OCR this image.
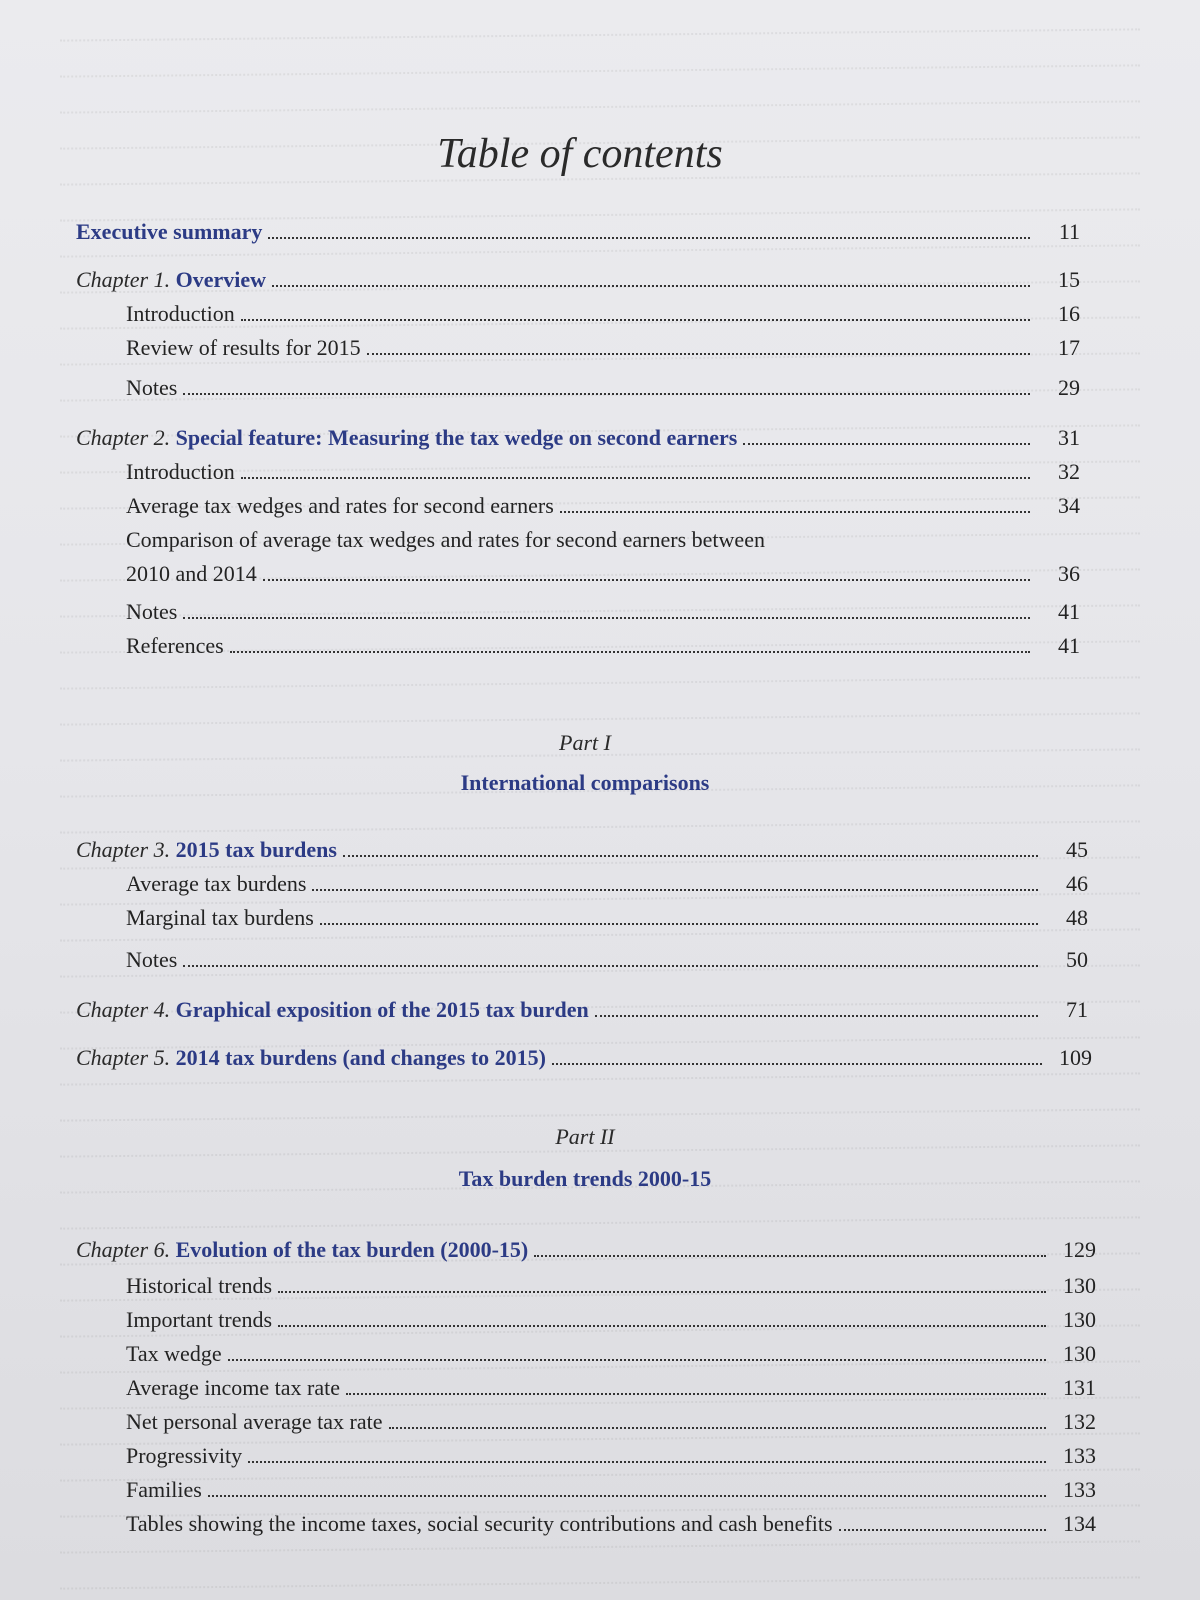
Table of contents
Executive summary	11
Chapter 1. Overview	15
Introduction	16
Review of results for 2015	17
Notes	29
Chapter 2. Special feature: Measuring the tax wedge on second earners	31
Introduction	32
Average tax wedges and rates for second earners	34
Comparison of average tax wedges and rates for second earners between
2010 and 2014	36
Notes	41
References	41
Part I
International comparisons
Chapter 3. 2015 tax burdens	45
Average tax burdens	46
Marginal tax burdens	48
Notes	50
Chapter 4. Graphical exposition of the 2015 tax burden	71
Chapter 5. 2014 tax burdens (and changes to 2015)	109
Part II
Tax burden trends 2000-15
Chapter 6. Evolution of the tax burden (2000-15)	129
Historical trends	130
Important trends	130
Tax wedge	130
Average income tax rate	131
Net personal average tax rate	132
Progressivity	133
Families	133
Tables showing the income taxes, social security contributions and cash benefits	134
